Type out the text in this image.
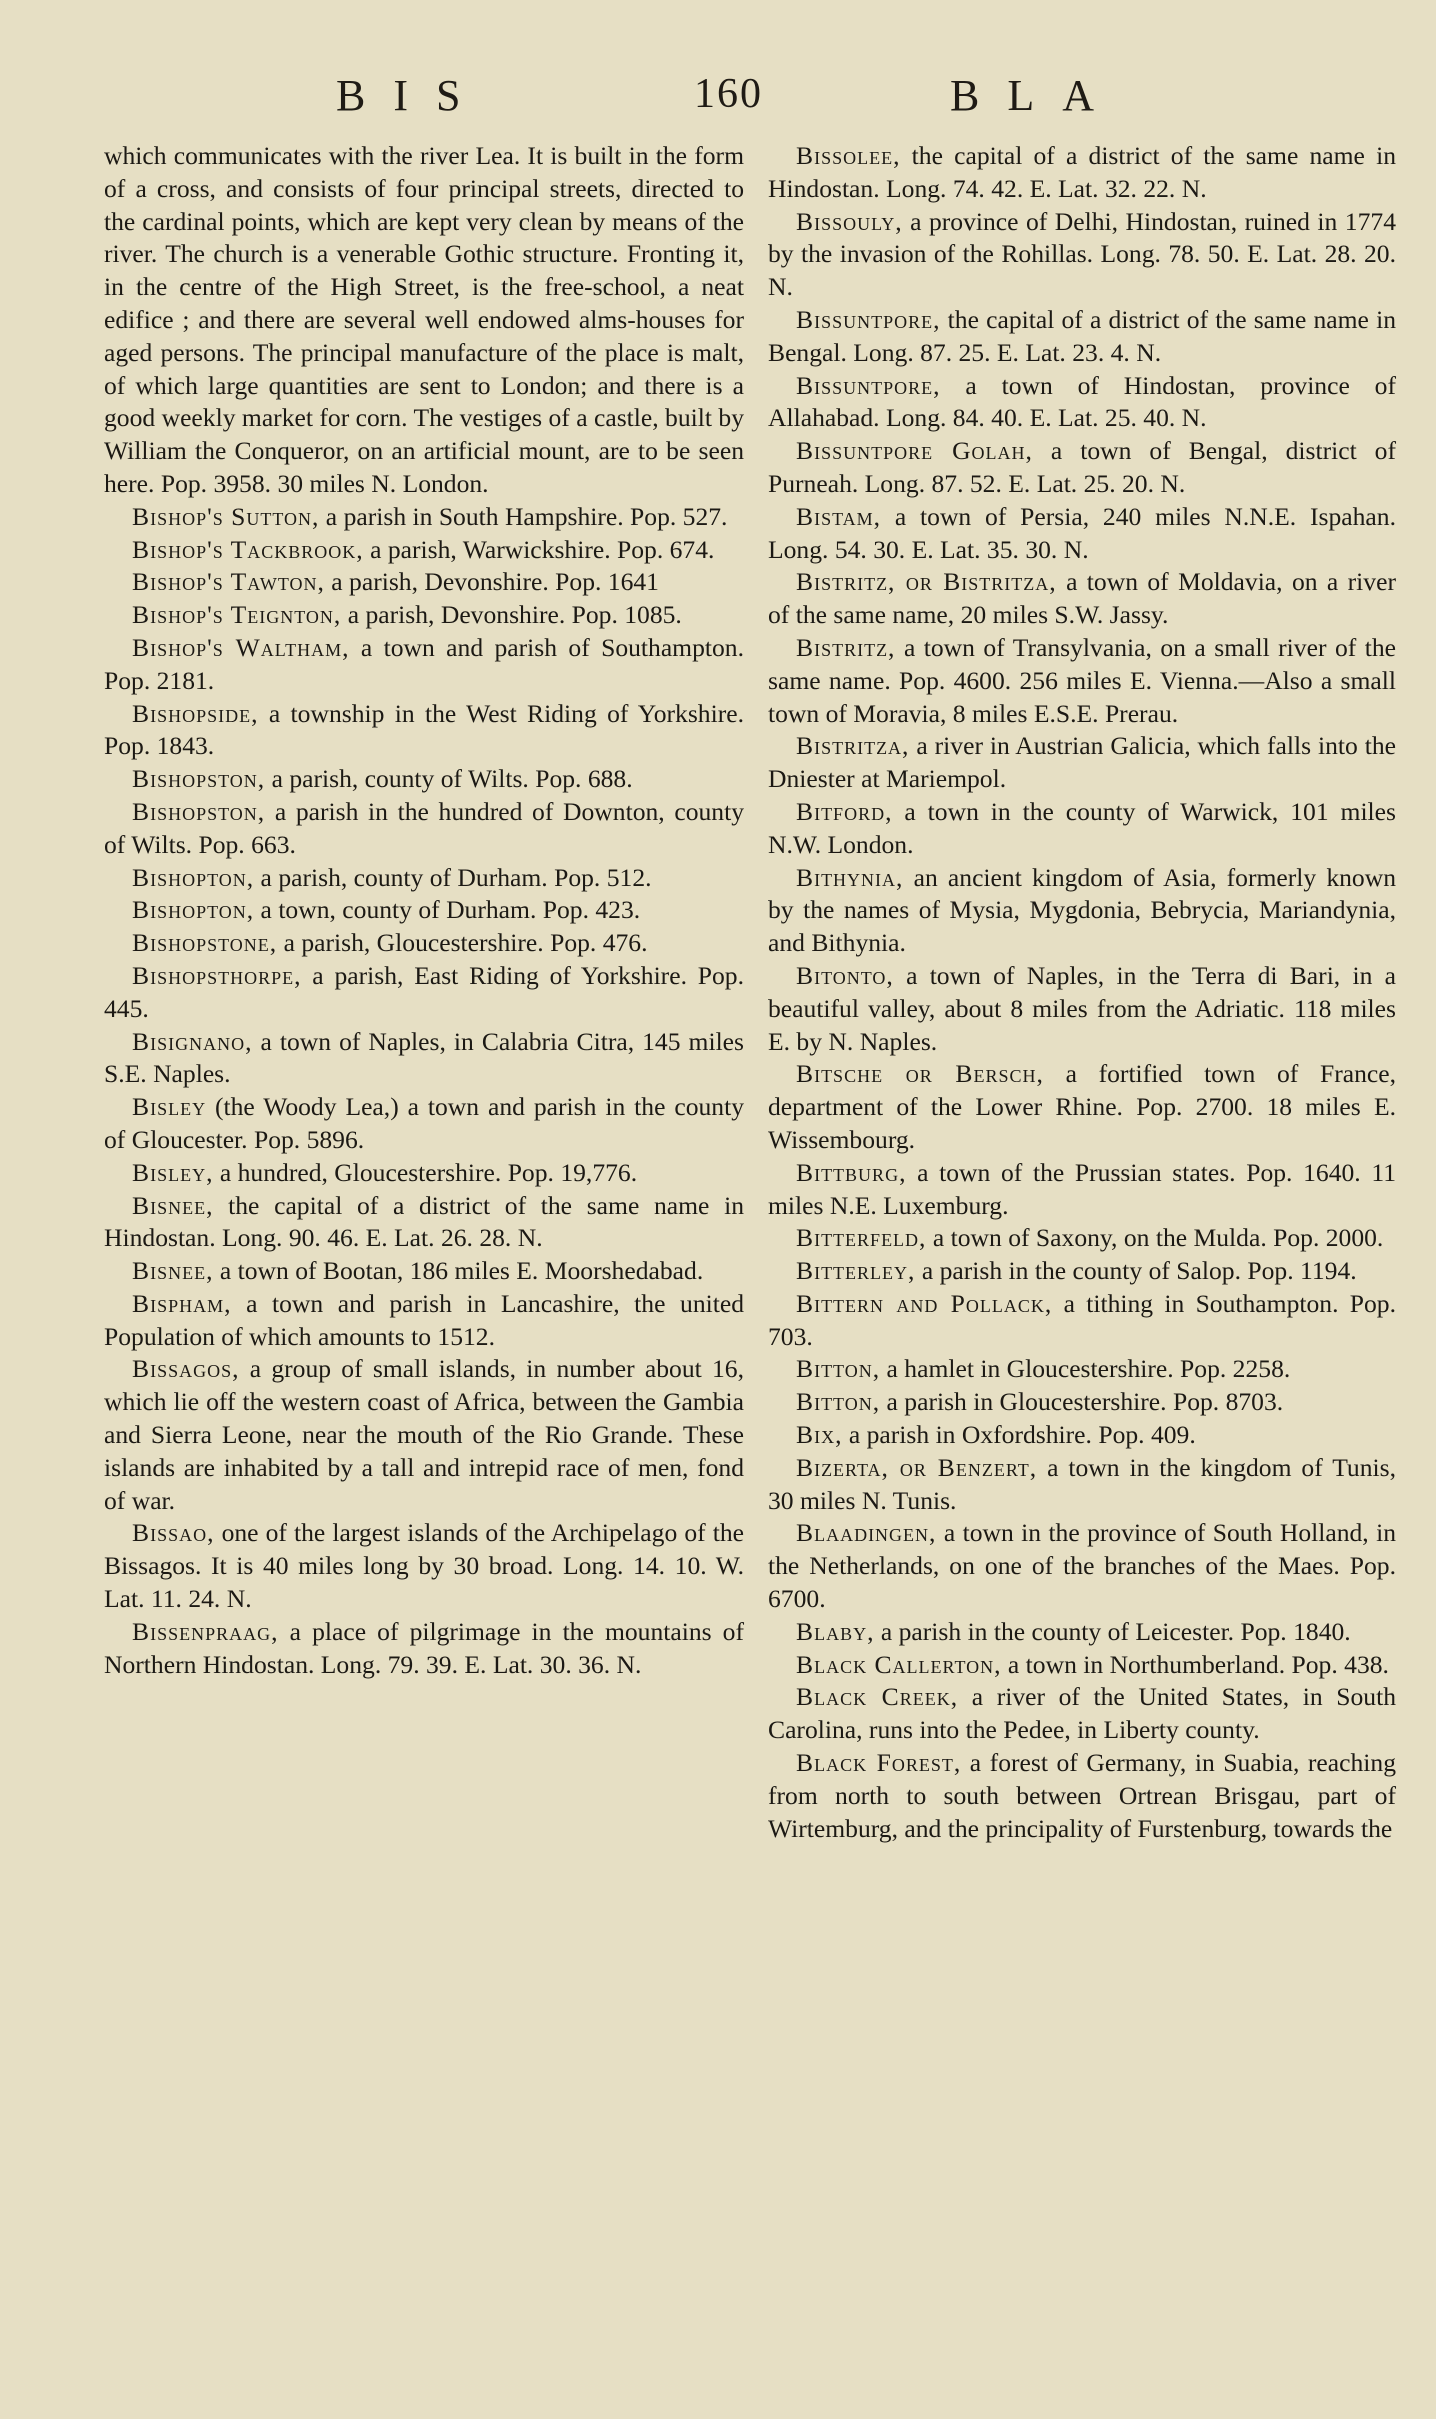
BIS	160	BLA

which communicates with the river Lea. It is built in the form of a cross, and consists of four principal streets, directed to the cardinal points, which are kept very clean by means of the river. The church is a venerable Gothic structure. Fronting it, in the centre of the High Street, is the free-school, a neat edifice ; and there are several well endowed alms-houses for aged persons. The principal manufacture of the place is malt, of which large quantities are sent to London; and there is a good weekly market for corn. The vestiges of a castle, built by William the Conqueror, on an artificial mount, are to be seen here. Pop. 3958. 30 miles N. London.

Bishop's Sutton, a parish in South Hampshire. Pop. 527.

Bishop's Tackbrook, a parish, Warwickshire. Pop. 674.

Bishop's Tawton, a parish, Devonshire. Pop. 1641

Bishop's Teignton, a parish, Devonshire. Pop. 1085.

Bishop's Waltham, a town and parish of Southampton. Pop. 2181.

Bishopside, a township in the West Riding of Yorkshire. Pop. 1843.

Bishopston, a parish, county of Wilts. Pop. 688.

Bishopston, a parish in the hundred of Downton, county of Wilts. Pop. 663.

Bishopton, a parish, county of Durham. Pop. 512.

Bishopton, a town, county of Durham. Pop. 423.

Bishopstone, a parish, Gloucestershire. Pop. 476.

Bishopsthorpe, a parish, East Riding of Yorkshire. Pop. 445.

Bisignano, a town of Naples, in Calabria Citra, 145 miles S.E. Naples.

Bisley (the Woody Lea,) a town and parish in the county of Gloucester. Pop. 5896.

Bisley, a hundred, Gloucestershire. Pop. 19,776.

Bisnee, the capital of a district of the same name in Hindostan. Long. 90. 46. E. Lat. 26. 28. N.

Bisnee, a town of Bootan, 186 miles E. Moorshedabad.

Bispham, a town and parish in Lancashire, the united Population of which amounts to 1512.

Bissagos, a group of small islands, in number about 16, which lie off the western coast of Africa, between the Gambia and Sierra Leone, near the mouth of the Rio Grande. These islands are inhabited by a tall and intrepid race of men, fond of war.

Bissao, one of the largest islands of the Archipelago of the Bissagos. It is 40 miles long by 30 broad. Long. 14. 10. W. Lat. 11. 24. N.

Bissenpraag, a place of pilgrimage in the mountains of Northern Hindostan. Long. 79. 39. E. Lat. 30. 36. N.

Bissolee, the capital of a district of the same name in Hindostan. Long. 74. 42. E. Lat. 32. 22. N.

Bissouly, a province of Delhi, Hindostan, ruined in 1774 by the invasion of the Rohillas. Long. 78. 50. E. Lat. 28. 20. N.

Bissuntpore, the capital of a district of the same name in Bengal. Long. 87. 25. E. Lat. 23. 4. N.

Bissuntpore, a town of Hindostan, province of Allahabad. Long. 84. 40. E. Lat. 25. 40. N.

Bissuntpore Golah, a town of Bengal, district of Purneah. Long. 87. 52. E. Lat. 25. 20. N.

Bistam, a town of Persia, 240 miles N.N.E. Ispahan. Long. 54. 30. E. Lat. 35. 30. N.

Bistritz, or Bistritza, a town of Moldavia, on a river of the same name, 20 miles S.W. Jassy.

Bistritz, a town of Transylvania, on a small river of the same name. Pop. 4600. 256 miles E. Vienna.—Also a small town of Moravia, 8 miles E.S.E. Prerau.

Bistritza, a river in Austrian Galicia, which falls into the Dniester at Mariempol.

Bitford, a town in the county of Warwick, 101 miles N.W. London.

Bithynia, an ancient kingdom of Asia, formerly known by the names of Mysia, Mygdonia, Bebrycia, Mariandynia, and Bithynia.

Bitonto, a town of Naples, in the Terra di Bari, in a beautiful valley, about 8 miles from the Adriatic. 118 miles E. by N. Naples.

Bitsche or Bersch, a fortified town of France, department of the Lower Rhine. Pop. 2700. 18 miles E. Wissembourg.

Bittburg, a town of the Prussian states. Pop. 1640. 11 miles N.E. Luxemburg.

Bitterfeld, a town of Saxony, on the Mulda. Pop. 2000.

Bitterley, a parish in the county of Salop. Pop. 1194.

Bittern and Pollack, a tithing in Southampton. Pop. 703.

Bitton, a hamlet in Gloucestershire. Pop. 2258.

Bitton, a parish in Gloucestershire. Pop. 8703.

Bix, a parish in Oxfordshire. Pop. 409.

Bizerta, or Benzert, a town in the kingdom of Tunis, 30 miles N. Tunis.

Blaadingen, a town in the province of South Holland, in the Netherlands, on one of the branches of the Maes. Pop. 6700.

Blaby, a parish in the county of Leicester. Pop. 1840.

Black Callerton, a town in Northumberland. Pop. 438.

Black Creek, a river of the United States, in South Carolina, runs into the Pedee, in Liberty county.

Black Forest, a forest of Germany, in Suabia, reaching from north to south between Ortrean Brisgau, part of Wirtemburg, and the principality of Furstenburg, towards the
